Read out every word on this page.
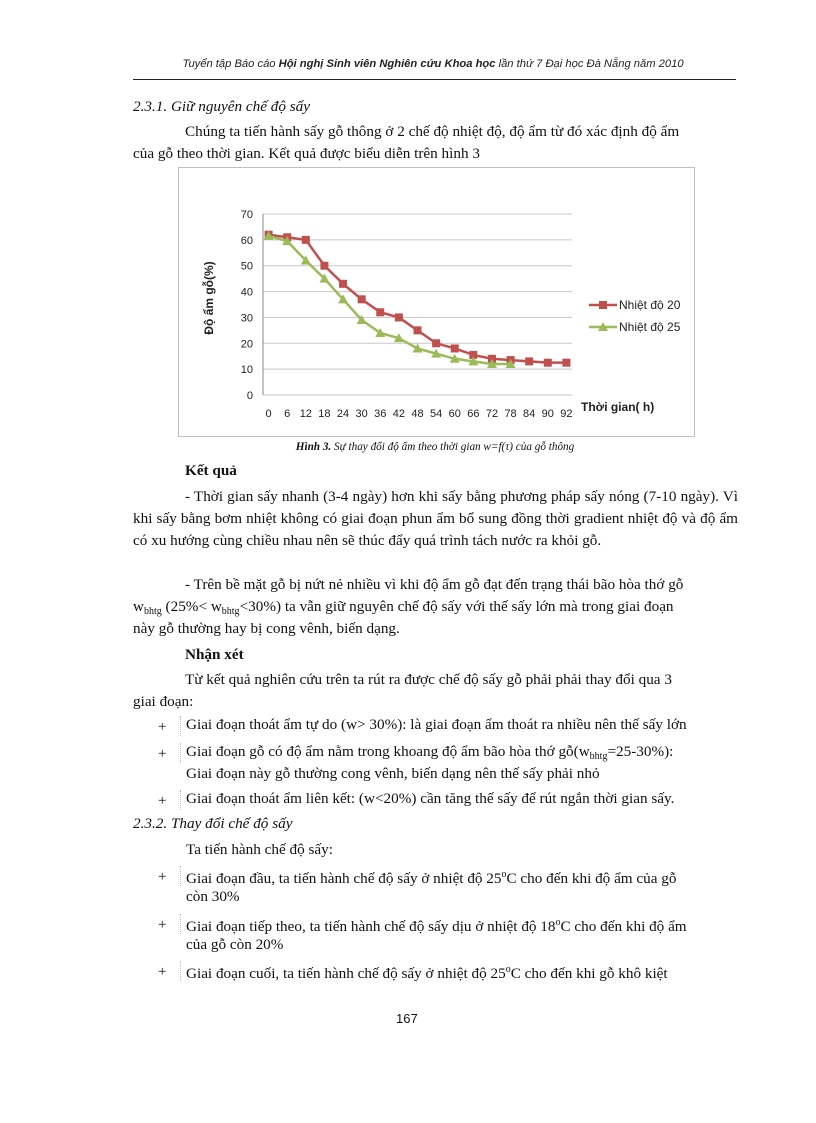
Tuyển tập Báo cáo Hội nghị Sinh viên Nghiên cứu Khoa học lần thứ 7 Đại học Đà Nẵng năm 2010
2.3.1. Giữ nguyên chế độ sấy
Chúng ta tiến hành sấy gỗ thông ở 2 chế độ nhiệt độ, độ ẩm từ đó xác định độ ẩm
của gỗ theo thời gian. Kết quả được biểu diễn trên hình 3
0
10
20
30
40
50
60
70
0 6 12 18 24 30 36 42 48 54 60 66 72 78 84 90 92
Độ ẩm gỗ(%)
Thời gian( h)
Nhiệt độ 20
Nhiệt độ 25
Hình 3. Sự thay đổi độ ẩm theo thời gian w=f(τ) của gỗ thông
Kết quả
- Thời gian sấy nhanh (3-4 ngày) hơn khi sấy bằng phương pháp sấy nóng (7-10 ngày). Vì khi sấy bằng bơm nhiệt không có giai đoạn phun ẩm bổ sung đồng thời gradient nhiệt độ và độ ẩm có xu hướng cùng chiều nhau nên sẽ thúc đẩy quá trình tách nước ra khỏi gỗ.
- Trên bề mặt gỗ bị nứt nẻ nhiều vì khi độ ẩm gỗ đạt đến trạng thái bão hòa thớ gỗ
$w_{bhtg}$ $(25\%< w_{bhtg}<30\%)$ ta vẫn giữ nguyên chế độ sấy với thế sấy lớn mà trong giai đoạn
này gỗ thường hay bị cong vênh, biến dạng.
Nhận xét
Từ kết quả nghiên cứu trên ta rút ra được chế độ sấy gỗ phải phải thay đổi qua 3
giai đoạn:
+ Giai đoạn thoát ẩm tự do (w> 30%): là giai đoạn ẩm thoát ra nhiều nên thế sấy lớn
+ Giai đoạn gỗ có độ ẩm nằm trong khoang độ ẩm bão hòa thớ $gỗ(w_{bhtg}=25-30\%)$:
Giai đoạn này gỗ thường cong vênh, biến dạng nên thế sấy phải nhỏ
+ Giai đoạn thoát ẩm liên kết: (w<20%) cần tăng thế sấy để rút ngắn thời gian sấy.
2.3.2. Thay đổi chế độ sấy
Ta tiến hành chế độ sấy:
+ Giai đoạn đầu, ta tiến hành chế độ sấy ở nhiệt độ 25$^o$C cho đến khi độ ẩm của gỗ
còn 30%
+ Giai đoạn tiếp theo, ta tiến hành chế độ sấy dịu ở nhiệt độ 18$^o$C cho đến khi độ ẩm
của gỗ còn 20%
+ Giai đoạn cuối, ta tiến hành chế độ sấy ở nhiệt độ 25$^o$C cho đến khi gỗ khô kiệt
167
